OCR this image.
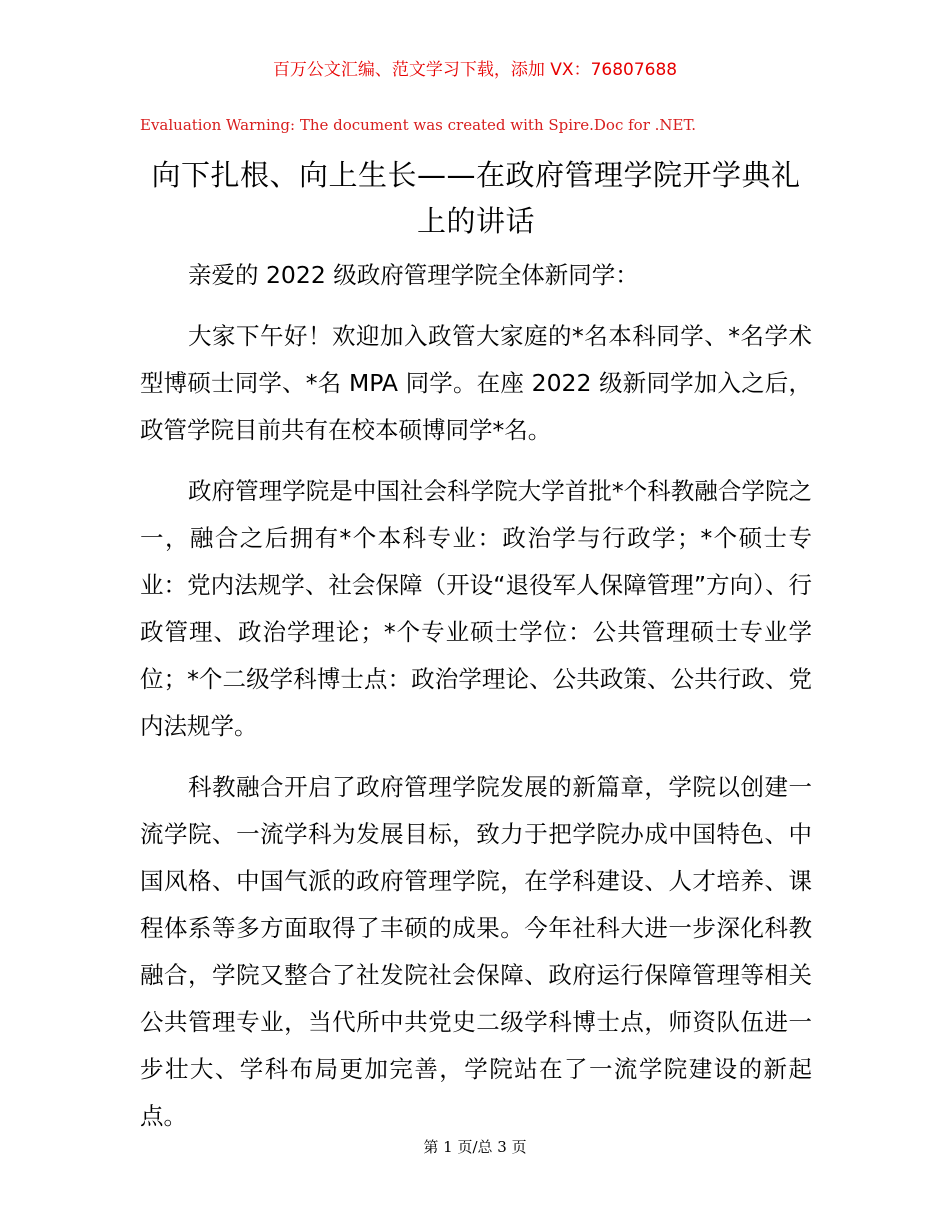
百万公文汇编、范文学习下载，添加 VX：76807688
Evaluation Warning: The document was created with Spire.Doc for .NET.
向下扎根、向上生长——在政府管理学院开学典礼上的讲话

亲爱的 2022 级政府管理学院全体新同学：

大家下午好！欢迎加入政管大家庭的*名本科同学、*名学术型博硕士同学、*名 MPA 同学。在座 2022 级新同学加入之后，政管学院目前共有在校本硕博同学*名。

政府管理学院是中国社会科学院大学首批*个科教融合学院之一，融合之后拥有*个本科专业：政治学与行政学；*个硕士专业：党内法规学、社会保障（开设“退役军人保障管理”方向）、行政管理、政治学理论；*个专业硕士学位：公共管理硕士专业学位；*个二级学科博士点：政治学理论、公共政策、公共行政、党内法规学。

科教融合开启了政府管理学院发展的新篇章，学院以创建一流学院、一流学科为发展目标，致力于把学院办成中国特色、中国风格、中国气派的政府管理学院，在学科建设、人才培养、课程体系等多方面取得了丰硕的成果。今年社科大进一步深化科教融合，学院又整合了社发院社会保障、政府运行保障管理等相关公共管理专业，当代所中共党史二级学科博士点，师资队伍进一步壮大、学科布局更加完善，学院站在了一流学院建设的新起点。

第 1 页/总 3 页
